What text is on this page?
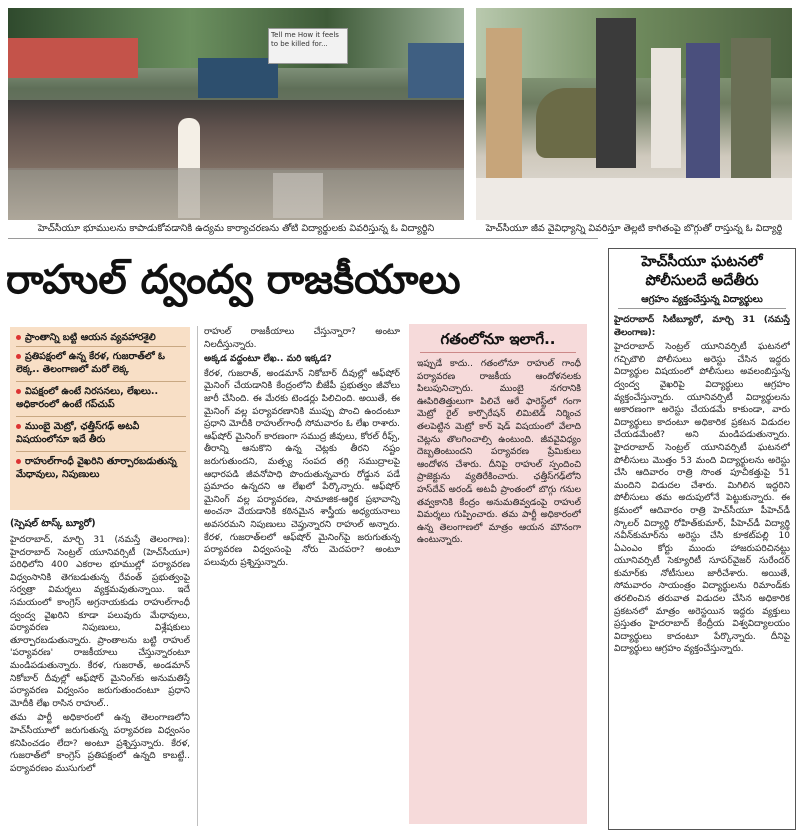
Tell me How it feels to be killed for...
హెచ్‌సీయూ భూములను కాపాడుకోవడానికి ఉద్యమ కార్యాచరణను తోటి విద్యార్థులకు వివరిస్తున్న ఓ విద్యార్థిని	హెచ్‌సీయూ జీవ వైవిధ్యాన్ని వివరిస్తూ తెల్లటి కాగితంపై బొగ్గుతో రాస్తున్న ఓ విద్యార్థి
రాహుల్ ద్వంద్వ రాజకీయాలు
ప్రాంతాన్ని బట్టి ఆయన వ్యవహారశైలి
ప్రతిపక్షంలో ఉన్న కేరళ, గుజరాత్‌లో ఓ లెక్క.. తెలంగాణలో మరో లెక్క
విపక్షంలో ఉంటే నిరసనలు, లేఖలు.. అధికారంలో ఉంటే గప్‌చుప్
ముంబై మెట్రో, ఛత్తీస్‌గఢ్ అటవీ విషయంలోనూ ఇదే తీరు
రాహుల్‌గాంధీ వైఖరిని తూర్పారబడుతున్న మేధావులు, నిపుణులు
(స్పెషల్ టాస్క్ బ్యూరో)

హైదరాబాద్, మార్చి 31 (నమస్తే తెలంగాణ): హైదరాబాద్ సెంట్రల్ యూనివర్సిటీ (హెచ్‌సీయూ) పరిధిలోని 400 ఎకరాల భూముల్లో పర్యావరణ విధ్వంసానికి తెగబడుతున్న రేవంత్ ప్రభుత్వంపై సర్వత్రా విమర్శలు వ్యక్తమవుతున్నాయి. ఇదే సమయంలో కాంగ్రెస్ అగ్రనాయకుడు రాహుల్‌గాంధీ ద్వంద్వ వైఖరిని కూడా పలువురు మేధావులు, పర్యావరణ నిపుణులు, విశ్లేషకులు తూర్పారబడుతున్నారు. ప్రాంతాలను బట్టి రాహుల్ 'పర్యావరణ' రాజకీయాలు చేస్తున్నారంటూ మండిపడుతున్నారు. కేరళ, గుజరాత్, అండమాన్ నికోబార్ దీవుల్లో ఆఫ్‌షోర్ మైనింగ్‌కు అనుమతిస్తే పర్యావరణ విధ్వంసం జరుగుతుందంటూ ప్రధాని మోదీకి లేఖ రాసిన రాహుల్..

తమ పార్టీ అధికారంలో ఉన్న తెలంగాణలోని హెచ్‌సీయూలో జరుగుతున్న పర్యావరణ విధ్వంసం కనిపించడం లేదా? అంటూ ప్రశ్నిస్తున్నారు. కేరళ, గుజరాత్‌లో కాంగ్రెస్ ప్రతిపక్షంలో ఉన్నది కాబట్టే.. పర్యావరణం ముసుగులో

రాహుల్ రాజకీయాలు చేస్తున్నారా? అంటూ నిలదీస్తున్నారు.

అక్కడ వద్దంటూ లేఖ.. మరి ఇక్కడ?

కేరళ, గుజరాత్, అండమాన్ నికోబార్ దీవుల్లో ఆఫ్‌షోర్ మైనింగ్ చేయడానికి కేంద్రంలోని బీజేపీ ప్రభుత్వం జీవోలు జారీ చేసింది. ఈ మేరకు టెండర్లు పిలిచింది. అయితే, ఈ మైనింగ్ వల్ల పర్యావరణానికి ముప్పు పొంచి ఉందంటూ ప్రధాని మోదీకి రాహుల్‌గాంధీ సోమవారం ఓ లేఖ రాశారు. ఆఫ్‌షోర్ మైనింగ్ కారణంగా సముద్ర జీవులు, కోరల్ రీఫ్స్, తీరాన్ని ఆనుకొని ఉన్న చెట్లకు తీరని నష్టం జరుగుతుందని, మత్స్య సంపద తగ్గి సముద్రాలపై ఆధారపడి జీవనోపాధి పొందుతున్నవారు రోడ్డున పడే ప్రమాదం ఉన్నదని ఆ లేఖలో పేర్కొన్నారు. ఆఫ్‌షోర్ మైనింగ్ వల్ల పర్యావరణ, సామాజిక-ఆర్థిక ప్రభావాన్ని అంచనా వేయడానికి కఠినమైన శాస్త్రీయ అధ్యయనాలు అవసరమని నిపుణులు చెప్తున్నారని రాహుల్ అన్నారు. కేరళ, గుజరాత్‌లలో ఆఫ్‌షోర్ మైనింగ్‌పై జరుగుతున్న పర్యావరణ విధ్వంసంపై నోరు మెదపరా? అంటూ పలువురు ప్రశ్నిస్తున్నారు.

గతంలోనూ ఇలాగే..
ఇప్పుడే కాదు.. గతంలోనూ రాహుల్ గాంధీ పర్యావరణ రాజకీయ ఆందోళనలకు పిలుపునిచ్చారు. ముంబై నగరానికి ఊపిరితిత్తులుగా పిలిచే ఆరే ఫారెస్ట్‌లో గంగా మెట్రో రైల్ కార్పొరేషన్ లిమిటెడ్ నిర్మించ తలపెట్టిన మెట్రో కార్ షెడ్ విషయంలో వేలాది చెట్లను తొలగించాల్సి ఉంటుంది. జీవవైవిధ్యం దెబ్బతింటుందని పర్యావరణ ప్రేమికులు ఆందోళన చేశారు. దీనిపై రాహుల్ స్పందించి ప్రాజెక్టును వ్యతిరేకించారు. ఛత్తీస్‌గఢ్‌లోని హస్‌దేవ్ అరండ్ అటవీ ప్రాంతంలో బొగ్గు గనుల తవ్వకానికి కేంద్రం అనుమతివ్వడంపై రాహుల్ విమర్శలు గుప్పించారు. తమ పార్టీ అధికారంలో ఉన్న తెలంగాణలో మాత్రం ఆయన మౌనంగా ఉంటున్నారు.
హెచ్‌సీయూ ఘటనలో పోలీసులదే అదేతీరు
ఆగ్రహం వ్యక్తంచేస్తున్న విద్యార్థులు

హైదరాబాద్ సిటీబ్యూరో, మార్చి 31 (నమస్తే తెలంగాణ):

హైదరాబాద్ సెంట్రల్ యూనివర్సిటీ ఘటనలో గచ్చిబౌలి పోలీసులు అరెస్టు చేసిన ఇద్దరు విద్యార్థుల విషయంలో పోలీసులు అవలంబిస్తున్న ద్వంద్వ వైఖరిపై విద్యార్థులు ఆగ్రహం వ్యక్తంచేస్తున్నారు. యూనివర్సిటీ విద్యార్థులను అకారణంగా అరెస్టు చేయడమే కాకుండా, వారు విద్యార్థులు కాదంటూ అధికారిక ప్రకటన విడుదల చేయడమేంటి? అని మండిపడుతున్నారు. హైదరాబాద్ సెంట్రల్ యూనివర్సిటీ ఘటనలో పోలీసులు మొత్తం 53 మంది విద్యార్థులను అరెస్టు చేసి ఆదివారం రాత్రి సొంత పూచీకత్తుపై 51 మందిని విడుదల చేశారు. మిగిలిన ఇద్దరిని పోలీసులు తమ అదుపులోనే పెట్టుకున్నారు. ఈ క్రమంలో ఆదివారం రాత్రి హెచ్‌సీయూ పీహెచ్‌డీ స్కాలర్ విద్యార్థి రోహిత్‌కుమార్, పీహెచ్‌డీ విద్యార్థి నవీన్‌కుమార్‌ను అరెస్టు చేసి కూకట్‌పల్లి 10 ఏఎంఎం కోర్టు ముందు హాజరుపరిచినట్టు యూనివర్సిటీ సెక్యూరిటీ సూపర్‌వైజర్ సురేందర్ కుమార్‌కు నోటీసులు జారీచేశారు. అయితే, సోమవారం సాయంత్రం విద్యార్థులను రిమాండ్‌కు తరలించిన తరువాత విడుదల చేసిన అధికారిక ప్రకటనలో మాత్రం అరెస్టయిన ఇద్దరు వ్యక్తులు ప్రస్తుతం హైదరాబాద్ కేంద్రీయ విశ్వవిద్యాలయం విద్యార్థులు కాదంటూ పేర్కొన్నారు. దీనిపై విద్యార్థులు ఆగ్రహం వ్యక్తంచేస్తున్నారు.
